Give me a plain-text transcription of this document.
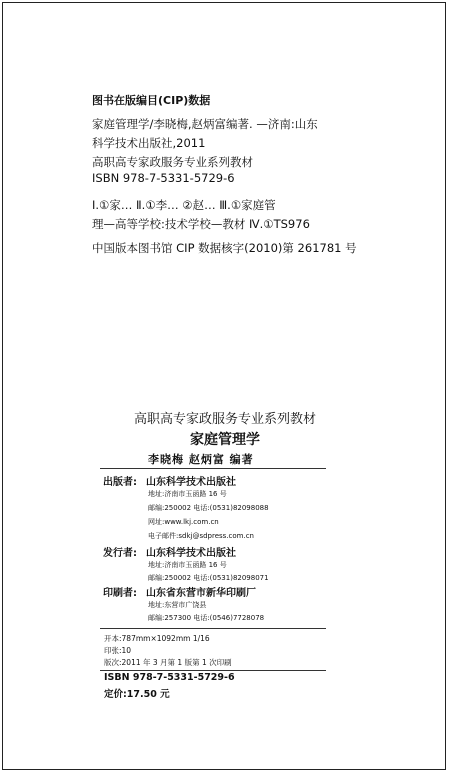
图书在版编目(CIP)数据
家庭管理学/李晓梅,赵炳富编著. —济南:山东
科学技术出版社,2011
高职高专家政服务专业系列教材
ISBN 978-7-5331-5729-6
Ⅰ.①家… Ⅱ.①李… ②赵… Ⅲ.①家庭管
理—高等学校:技术学校—教材 Ⅳ.①TS976
中国版本图书馆 CIP 数据核字(2010)第 261781 号
高职高专家政服务专业系列教材
家庭管理学
李晓梅 赵炳富 编著
出版者: 山东科学技术出版社
地址:济南市玉函路 16 号
邮编:250002 电话:(0531)82098088
网址:www.lkj.com.cn
电子邮件:sdkj@sdpress.com.cn
发行者: 山东科学技术出版社
地址:济南市玉函路 16 号
邮编:250002 电话:(0531)82098071
印刷者: 山东省东营市新华印刷厂
地址:东营市广饶县
邮编:257300 电话:(0546)7728078
开本:787mm×1092mm 1/16
印张:10
版次:2011 年 3 月第 1 版第 1 次印刷
ISBN 978-7-5331-5729-6
定价:17.50 元
